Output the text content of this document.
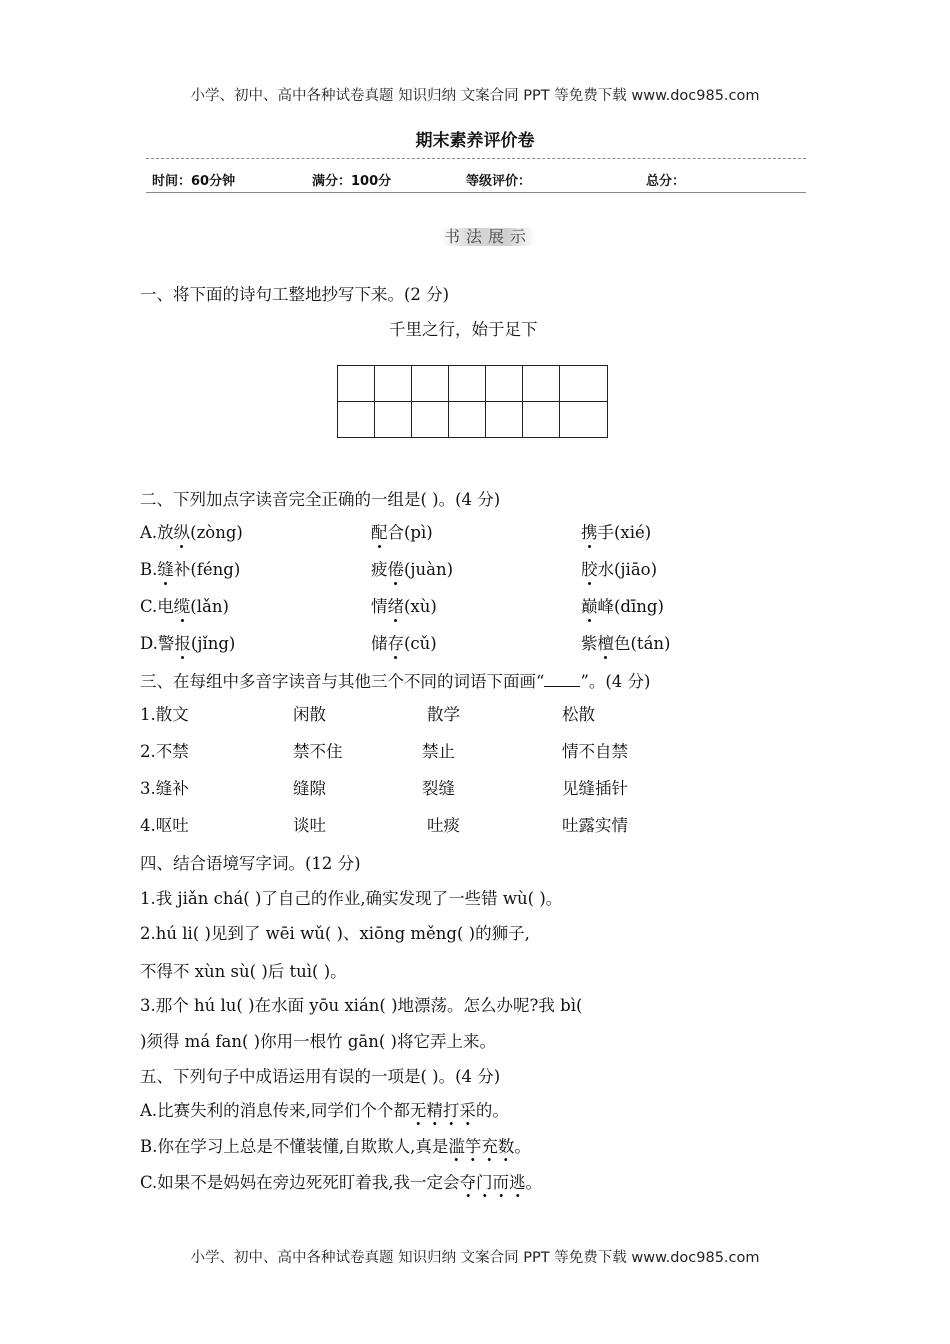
小学、初中、高中各种试卷真题 知识归纳 文案合同 PPT 等免费下载 www.doc985.com
期末素养评价卷
时间：60分钟	满分：100分	等级评价：	总分：
书法展示
一、将下面的诗句工整地抄写下来。(2 分)
千里之行，始于足下

二、下列加点字读音完全正确的一组是( )。(4 分)
A.放纵(zòng)	配合(pì)	携手(xié)
B.缝补(féng)	疲倦(juàn)	胶水(jiāo)
C.电缆(lǎn)	情绪(xù)	巅峰(dīng)
D.警报(jǐng)	储存(cǔ)	紫檀色(tán)
三、在每组中多音字读音与其他三个不同的词语下面画“ ”。(4 分)
1.散文	闲散	散学	松散
2.不禁	禁不住	禁止	情不自禁
3.缝补	缝隙	裂缝	见缝插针
4.呕吐	谈吐	吐痰	吐露实情
四、结合语境写字词。(12 分)
1.我 jiǎn chá( )了自己的作业,确实发现了一些错 wù( )。
2.hú li( )见到了 wēi wǔ( )、xiōng měng( )的狮子,
不得不 xùn sù( )后 tuì( )。
3.那个 hú lu( )在水面 yōu xián( )地漂荡。怎么办呢?我 bì(
)须得 má fan( )你用一根竹 gān( )将它弄上来。
五、下列句子中成语运用有误的一项是( )。(4 分)
A.比赛失利的消息传来,同学们个个都无精打采的。
B.你在学习上总是不懂装懂,自欺欺人,真是滥竽充数。
C.如果不是妈妈在旁边死死盯着我,我一定会夺门而逃。
小学、初中、高中各种试卷真题 知识归纳 文案合同 PPT 等免费下载 www.doc985.com
